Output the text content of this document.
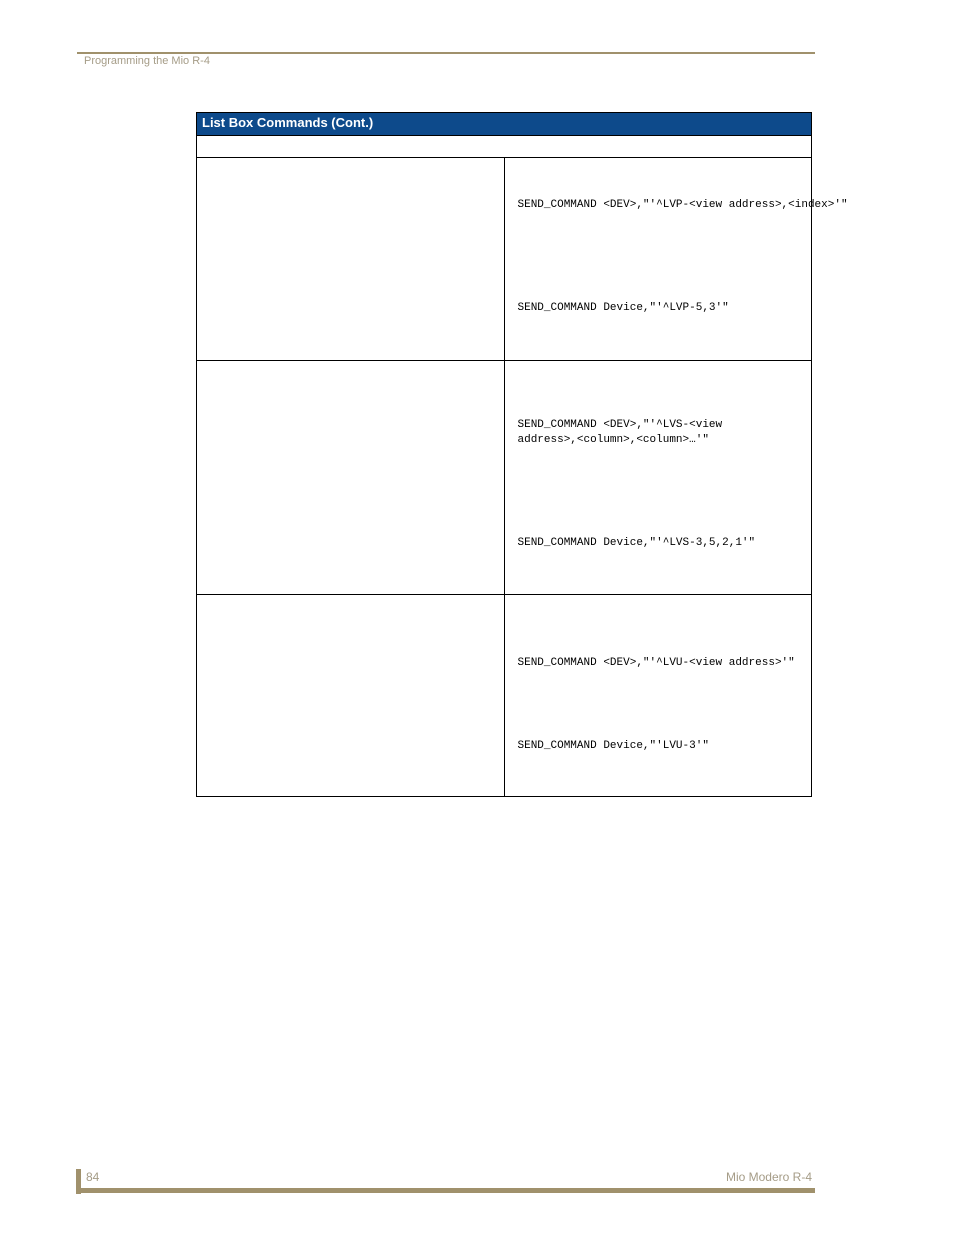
Programming the Mio R-4
List Box Commands (Cont.)	

	SEND_COMMAND <DEV>,"'^LVP-<view address>,<index>'"
SEND_COMMAND Device,"'^LVP-5,3'"

	SEND_COMMAND <DEV>,"'^LVS-<view
address>,<column>,<column>…'"
SEND_COMMAND Device,"'^LVS-3,5,2,1'"

	SEND_COMMAND <DEV>,"'^LVU-<view address>'"
SEND_COMMAND Device,"'LVU-3'"
84	Mio Modero R-4
